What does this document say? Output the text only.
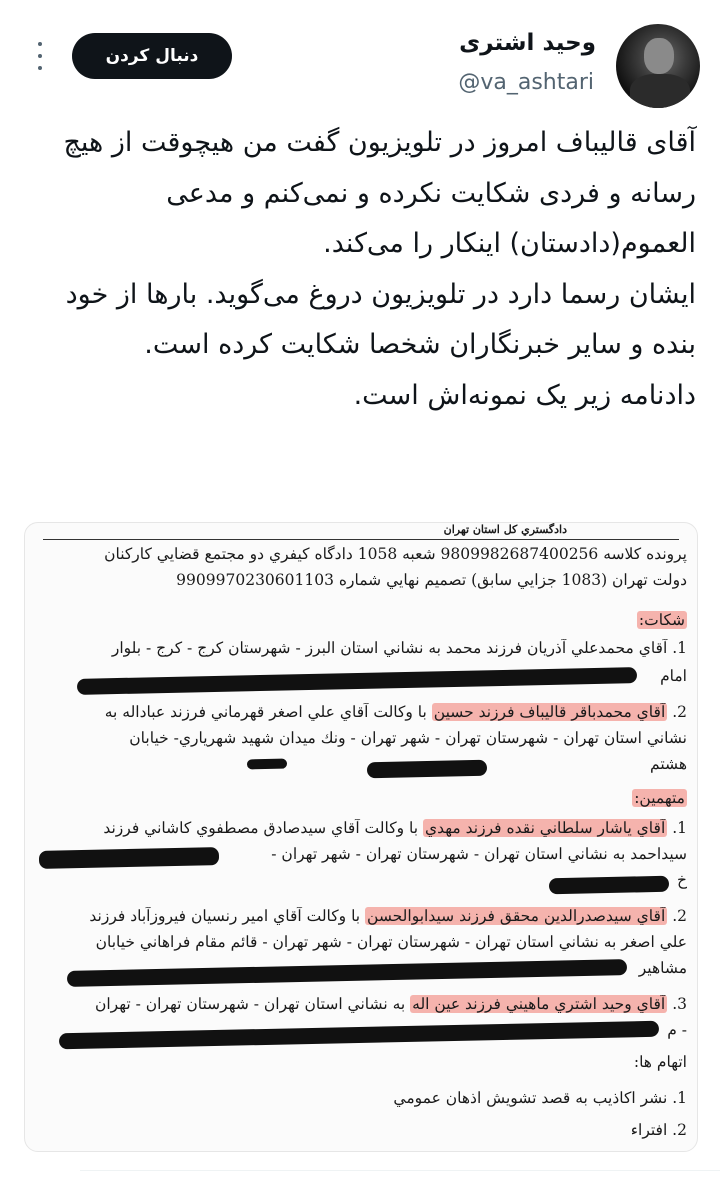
وحید اشتری
@va_ashtari
دنبال کردن

آقای قالیباف امروز در تلویزیون گفت من هیچوقت از هیچ رسانه و فردی شکایت نکرده و نمی‌کنم و مدعی العموم(دادستان) اینکار را می‌کند.

ایشان رسما دارد در تلویزیون دروغ می‌گوید. بارها از خود بنده و سایر خبرنگاران شخصا شکایت کرده است.

دادنامه زیر یک نمونه‌اش است.

دادگستري كل استان تهران
پرونده كلاسه 9809982687400256 شعبه 1058 دادگاه كيفري دو مجتمع قضايي كاركنان
دولت تهران (1083 جزايي سابق) تصميم نهايي شماره 9909970230601103
شكات:
1. آقاي محمدعلي آذريان فرزند محمد به نشاني استان البرز - شهرستان كرج - كرج - بلوار
امام
2. آقاي محمدباقر قاليباف فرزند حسين با وكالت آقاي علي اصغر قهرماني فرزند عباداله به
نشاني استان تهران - شهرستان تهران - شهر تهران - ونك ميدان شهيد شهرياري- خيابان
هشتم
متهمين:
1. آقاي ياشار سلطاني نقده فرزند مهدي با وكالت آقاي سيدصادق مصطفوي كاشاني فرزند
سيداحمد به نشاني استان تهران - شهرستان تهران - شهر تهران -
خ
2. آقاي سيدصدرالدين محقق فرزند سيدابوالحسن با وكالت آقاي امير رنسيان فيروزآباد فرزند
علي اصغر به نشاني استان تهران - شهرستان تهران - شهر تهران - قائم مقام فراهاني خيابان
مشاهير
3. آقاي وحيد اشتري ماهيني فرزند عين اله به نشاني استان تهران - شهرستان تهران - تهران
- م
اتهام ها:
1. نشر اكاذيب به قصد تشويش اذهان عمومي
2. افتراء
